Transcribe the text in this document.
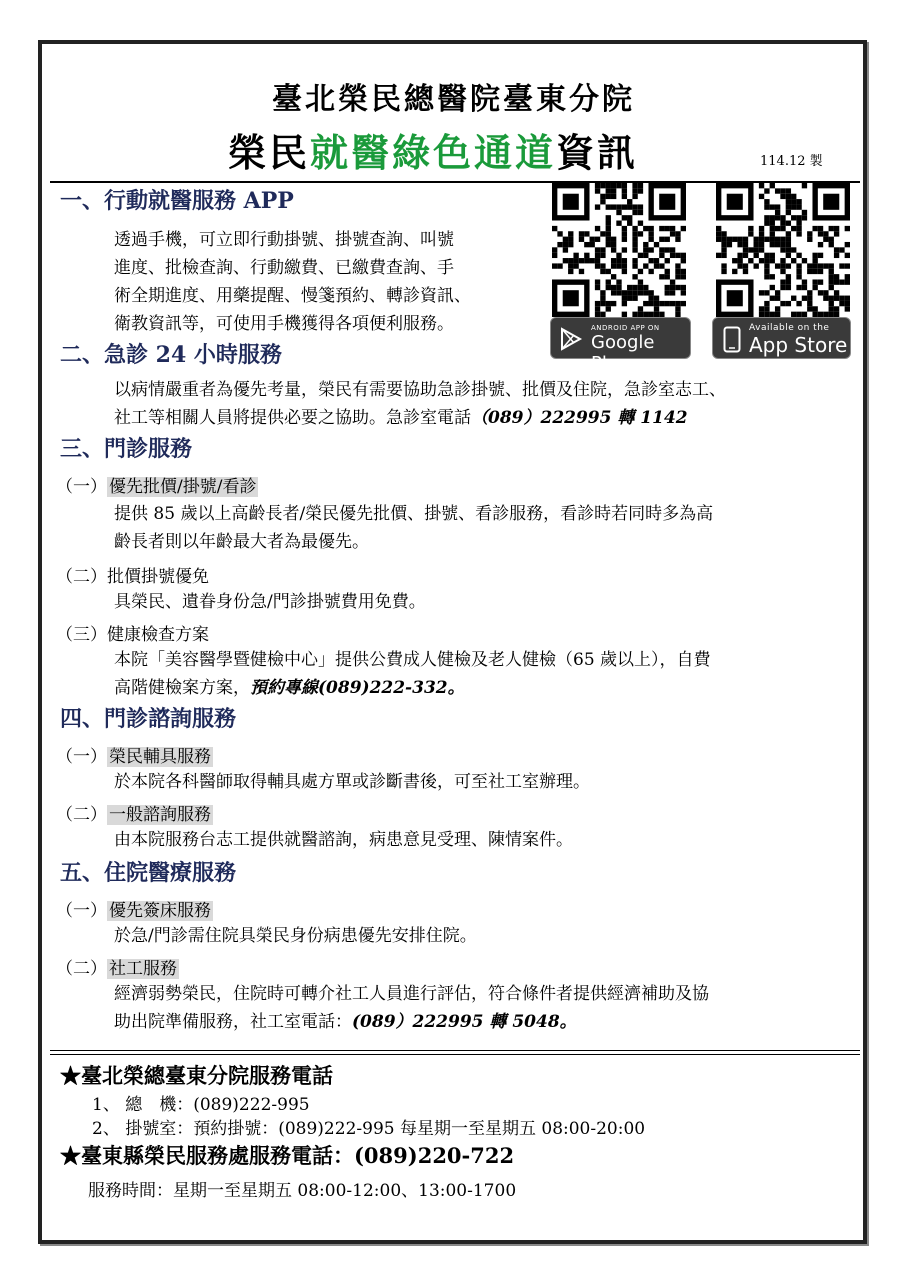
臺北榮民總醫院臺東分院
榮民就醫綠色通道資訊	114.12 製
一、行動就醫服務 APP
透過手機，可立即行動掛號、掛號查詢、叫號
進度、批檢查詢、行動繳費、已繳費查詢、手
術全期進度、用藥提醒、慢箋預約、轉診資訊、
衛教資訊等，可使用手機獲得各項便利服務。	ANDROID APP ON
Google Play
Available on the
App Store
二、急診 24 小時服務
以病情嚴重者為優先考量，榮民有需要協助急診掛號、批價及住院，急診室志工、
社工等相關人員將提供必要之協助。急診室電話（089）222995 轉 1142
三、門診服務
（一） 優先批價/掛號/看診
提供 85 歲以上高齡長者/榮民優先批價、掛號、看診服務，看診時若同時多為高
齡長者則以年齡最大者為最優先。
（二）批價掛號優免
具榮民、遺眷身份急/門診掛號費用免費。
（三）健康檢查方案
本院「美容醫學暨健檢中心」提供公費成人健檢及老人健檢（65 歲以上），自費
高階健檢案方案，預約專線(089)222-332。
四、門診諮詢服務
（一） 榮民輔具服務
於本院各科醫師取得輔具處方單或診斷書後，可至社工室辦理。
（二） 一般諮詢服務
由本院服務台志工提供就醫諮詢，病患意見受理、陳情案件。
五、住院醫療服務
（一） 優先簽床服務
於急/門診需住院具榮民身份病患優先安排住院。
（二） 社工服務
經濟弱勢榮民，住院時可轉介社工人員進行評估，符合條件者提供經濟補助及協
助出院準備服務，社工室電話：(089）222995 轉 5048。
★臺北榮總臺東分院服務電話
1、 總　機：(089)222-995
2、 掛號室：預約掛號：(089)222-995 每星期一至星期五 08:00-20:00
★臺東縣榮民服務處服務電話：(089)220-722
服務時間：星期一至星期五 08:00-12:00、13:00-1700
